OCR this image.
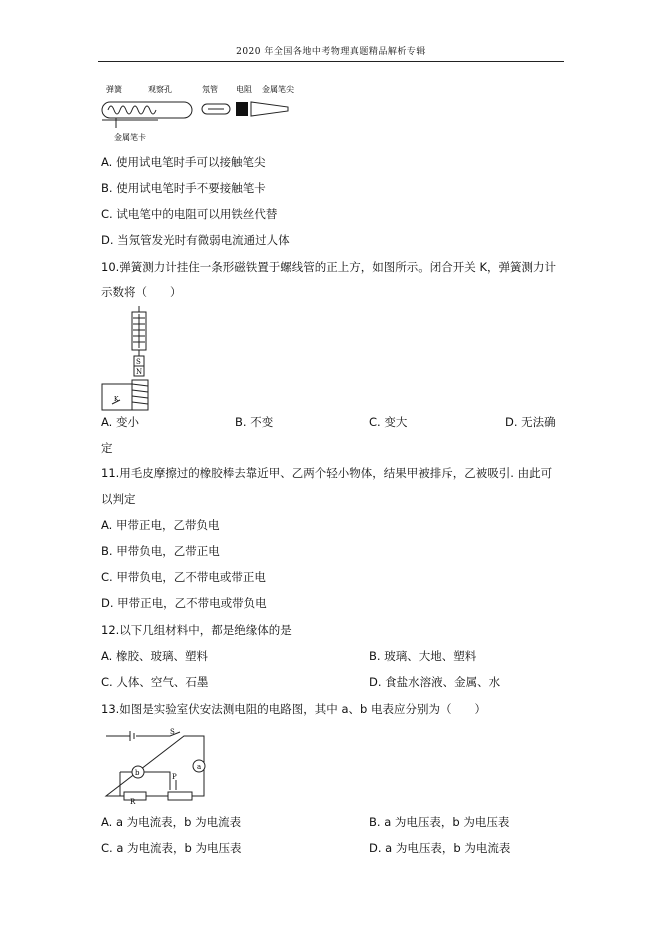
2020 年全国各地中考物理真题精品解析专辑
弹簧	观察孔	氖管 电阻 金属笔尖
金属笔卡
A. 使用试电笔时手可以接触笔尖
B. 使用试电笔时手不要接触笔卡
C. 试电笔中的电阻可以用铁丝代替
D. 当氖管发光时有微弱电流通过人体
10.弹簧测力计挂住一条形磁铁置于螺线管的正上方，如图所示。闭合开关 K，弹簧测力计
示数将（　　）
S
N
K
A. 变小	B. 不变	C. 变大	D. 无法确
定
11.用毛皮摩擦过的橡胶棒去靠近甲、乙两个轻小物体，结果甲被排斥，乙被吸引. 由此可
以判定
A. 甲带正电，乙带负电
B. 甲带负电，乙带正电
C. 甲带负电，乙不带电或带正电
D. 甲带正电，乙不带电或带负电
12.以下几组材料中，都是绝缘体的是
A. 橡胶、玻璃、塑料	B. 玻璃、大地、塑料
C. 人体、空气、石墨	D. 食盐水溶液、金属、水
13.如图是实验室伏安法测电阻的电路图，其中 a、b 电表应分别为（　　）
S
a
b	P
R
A. a 为电流表，b 为电流表	B. a 为电压表，b 为电压表
C. a 为电流表，b 为电压表	D. a 为电压表，b 为电流表
